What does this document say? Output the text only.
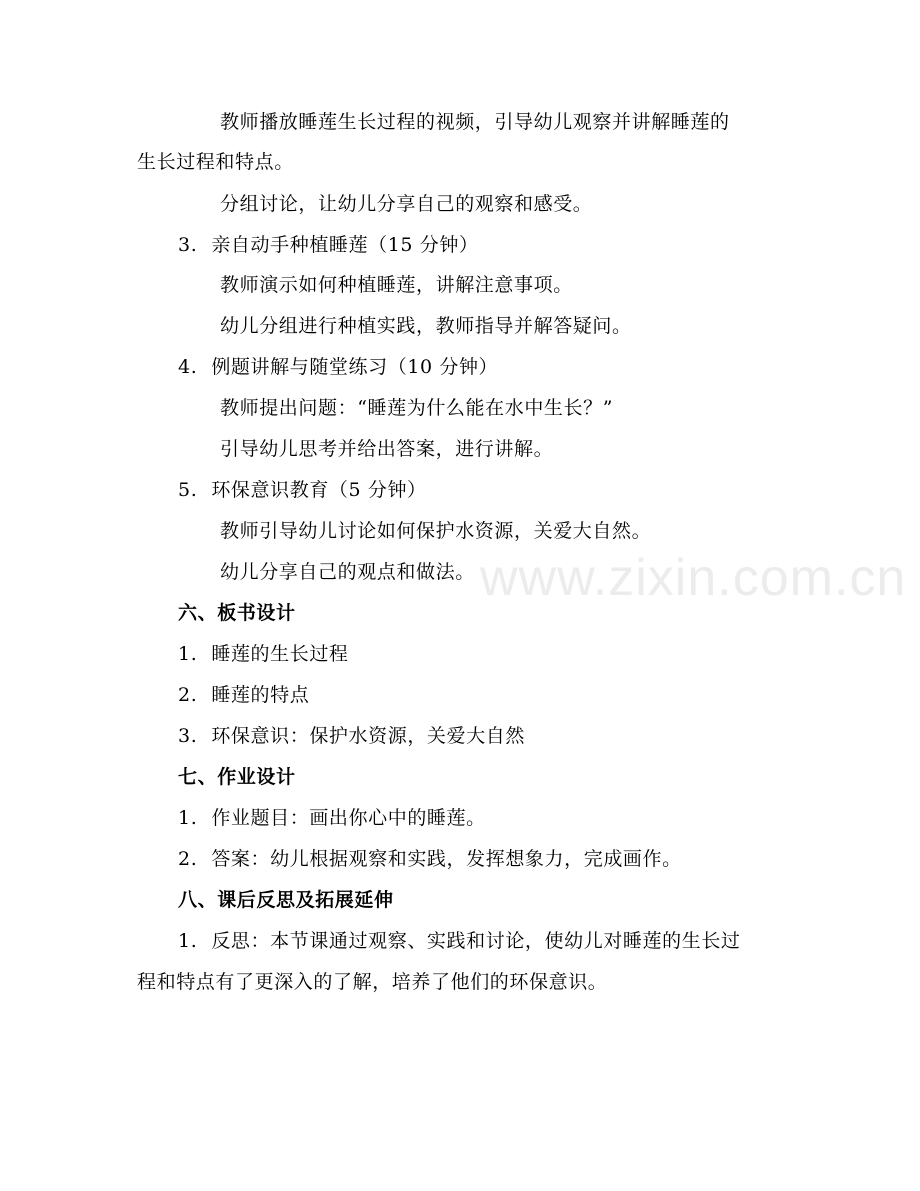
www.zixin.com.cn
教师播放睡莲生长过程的视频，引导幼儿观察并讲解睡莲的
生长过程和特点。
分组讨论，让幼儿分享自己的观察和感受。
3. 亲自动手种植睡莲（15 分钟）
教师演示如何种植睡莲，讲解注意事项。
幼儿分组进行种植实践，教师指导并解答疑问。
4. 例题讲解与随堂练习（10 分钟）
教师提出问题：“睡莲为什么能在水中生长？”
引导幼儿思考并给出答案，进行讲解。
5. 环保意识教育（5 分钟）
教师引导幼儿讨论如何保护水资源，关爱大自然。
幼儿分享自己的观点和做法。
六、板书设计
1. 睡莲的生长过程
2. 睡莲的特点
3. 环保意识：保护水资源，关爱大自然
七、作业设计
1. 作业题目：画出你心中的睡莲。
2. 答案：幼儿根据观察和实践，发挥想象力，完成画作。
八、课后反思及拓展延伸
1. 反思：本节课通过观察、实践和讨论，使幼儿对睡莲的生长过
程和特点有了更深入的了解，培养了他们的环保意识。
